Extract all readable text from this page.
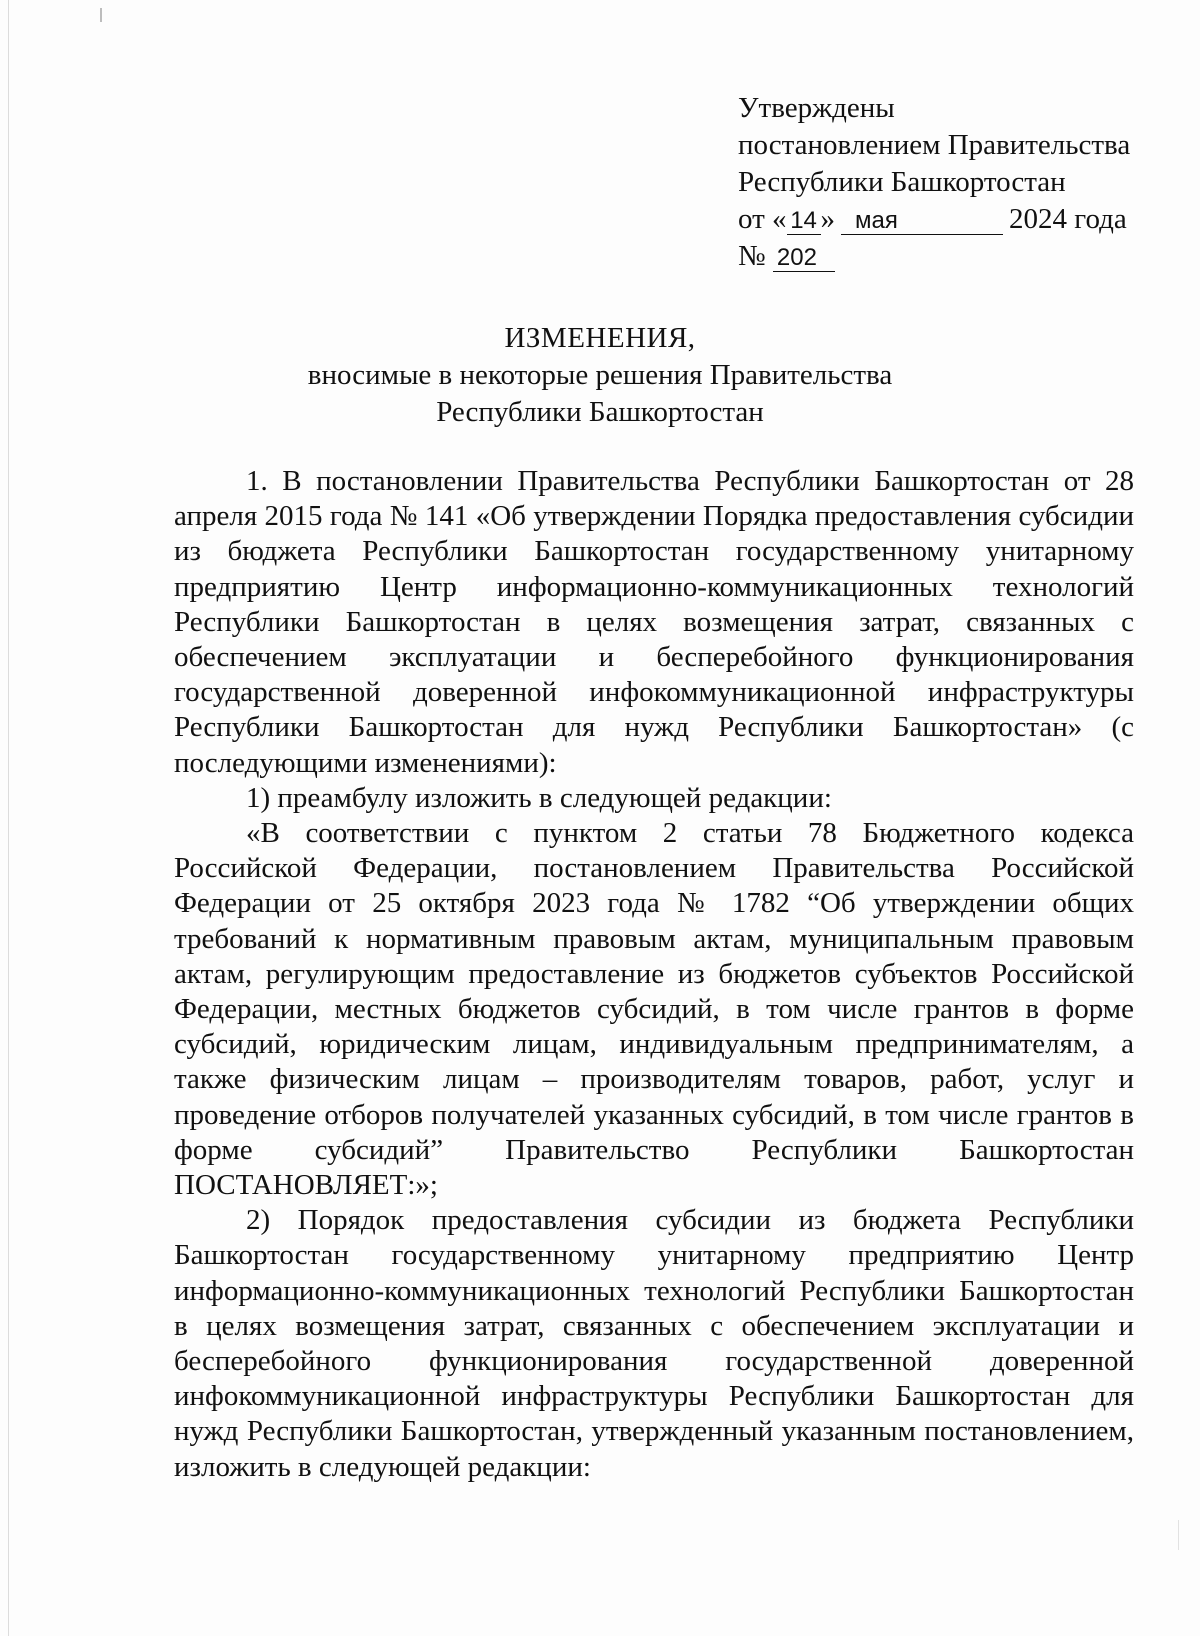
Утверждены
постановлением Правительства
Республики Башкортостан
от « 14 » мая	2024 года
№ 202
ИЗМЕНЕНИЯ,
вносимые в некоторые решения Правительства
Республики Башкортостан

1. В постановлении Правительства Республики Башкортостан от 28 апреля 2015 года № 141 «Об утверждении Порядка предоставления субсидии из бюджета Республики Башкортостан государственному унитарному предприятию Центр информационно-коммуникационных технологий Республики Башкортостан в целях возмещения затрат, связанных с обеспечением эксплуатации и бесперебойного функционирования государственной доверенной инфокоммуникационной инфраструктуры Республики Башкортостан для нужд Республики Башкортостан» (с последующими изменениями):

1) преамбулу изложить в следующей редакции:

«В соответствии с пунктом 2 статьи 78 Бюджетного кодекса Российской Федерации, постановлением Правительства Российской Федерации от 25 октября 2023 года № 1782 “Об утверждении общих требований к нормативным правовым актам, муниципальным правовым актам, регулирующим предоставление из бюджетов субъектов Российской Федерации, местных бюджетов субсидий, в том числе грантов в форме субсидий, юридическим лицам, индивидуальным предпринимателям, а также физическим лицам – производителям товаров, работ, услуг и проведение отборов получателей указанных субсидий, в том числе грантов в форме субсидий” Правительство Республики Башкортостан ПОСТАНОВЛЯЕТ:»;

2) Порядок предоставления субсидии из бюджета Республики Башкортостан государственному унитарному предприятию Центр информационно-коммуникационных технологий Республики Башкортостан в целях возмещения затрат, связанных с обеспечением эксплуатации и бесперебойного функционирования государственной доверенной инфокоммуникационной инфраструктуры Республики Башкортостан для нужд Республики Башкортостан, утвержденный указанным постановлением, изложить в следующей редакции:
